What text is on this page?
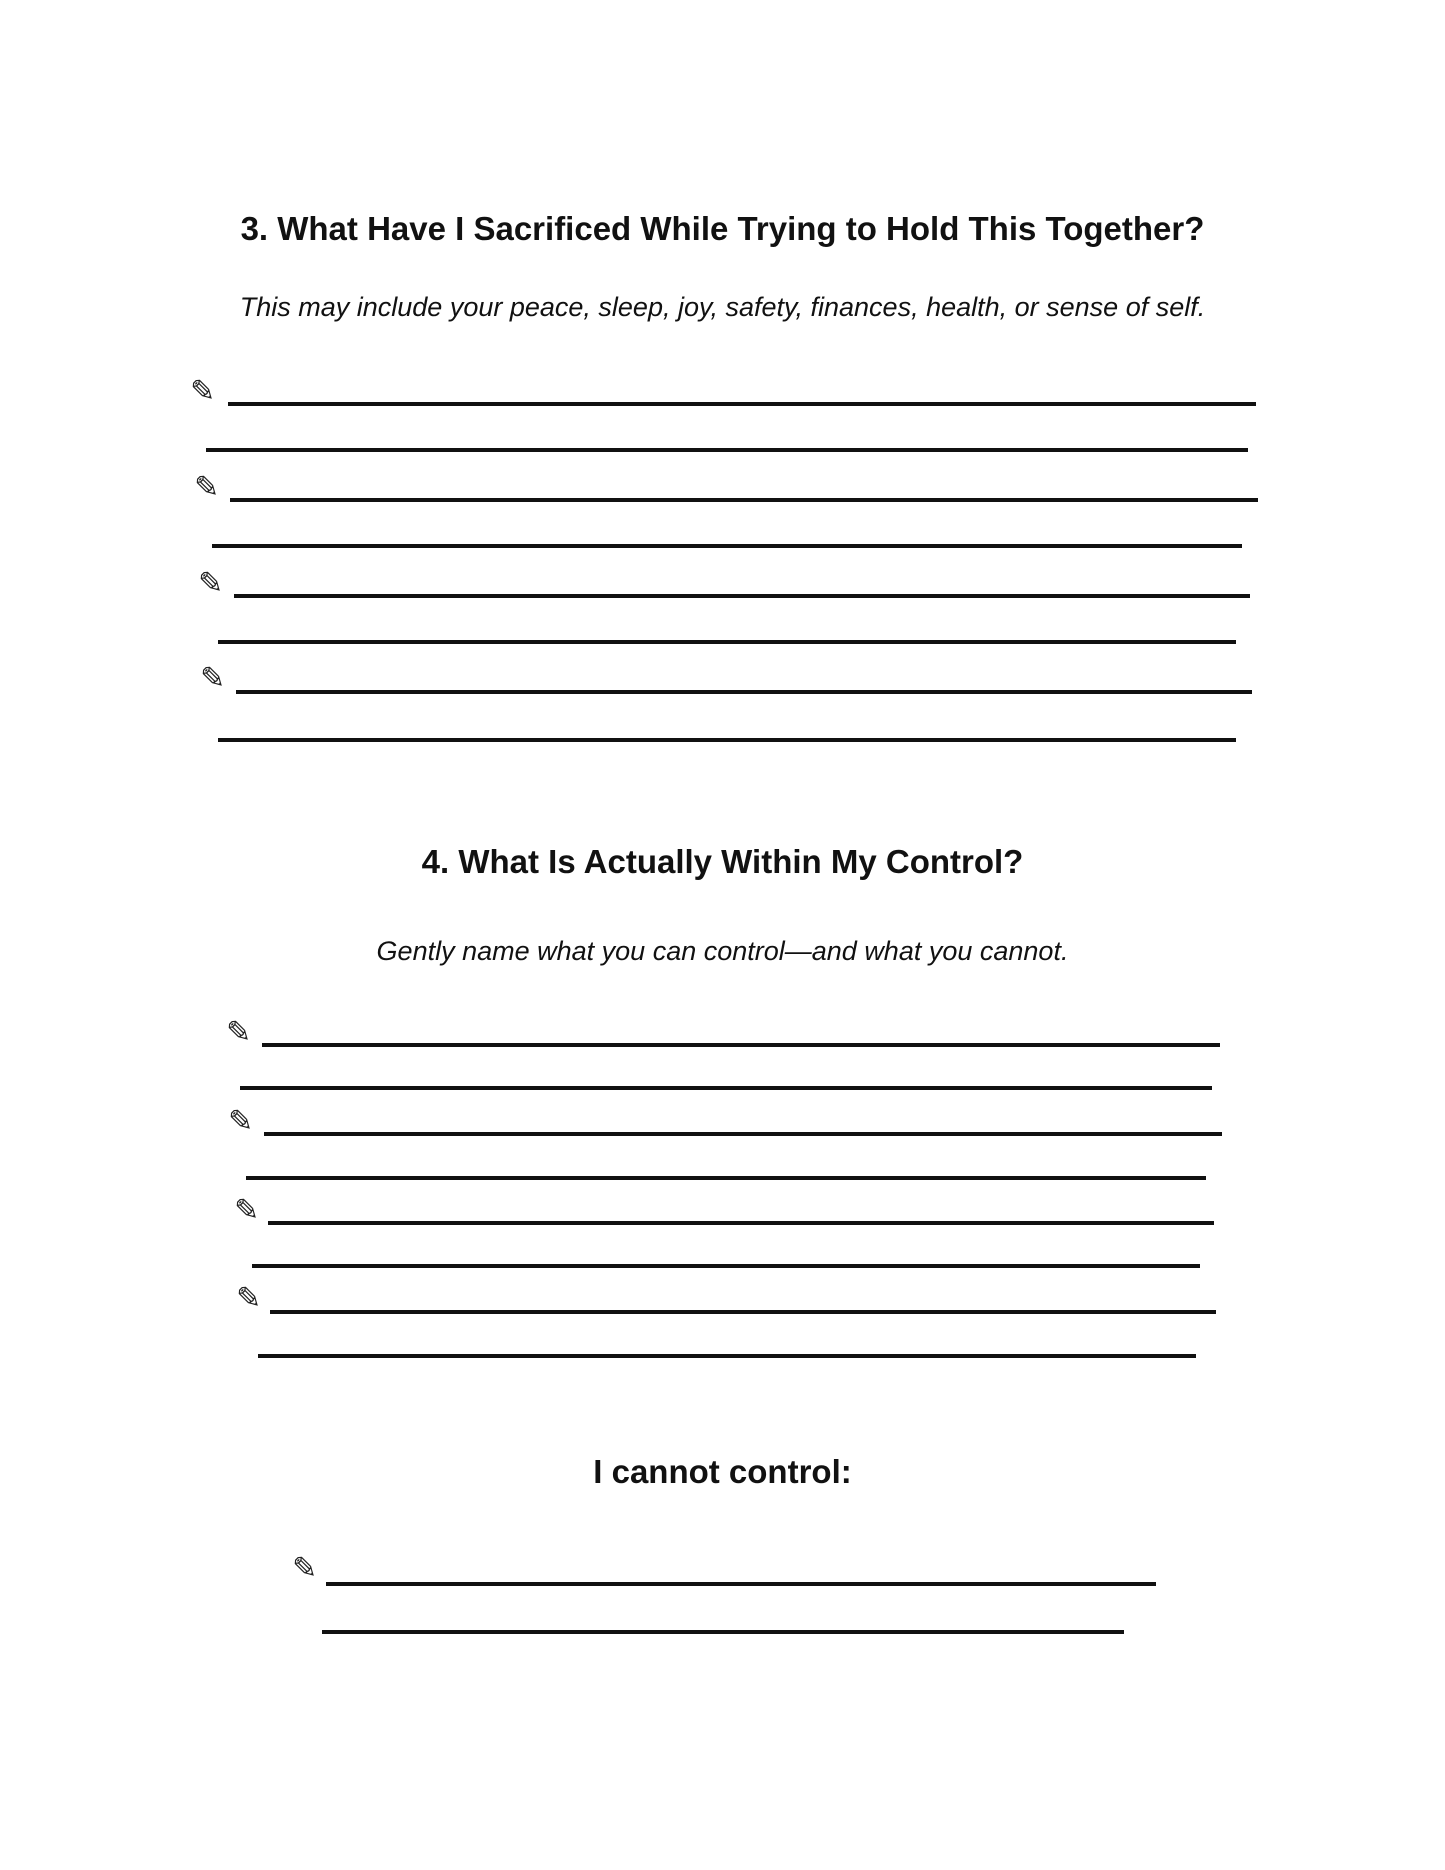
3. What Have I Sacrificed While Trying to Hold This Together?

This may include your peace, sleep, joy, safety, finances, health, or sense of self.

✎
✎
✎
✎
4. What Is Actually Within My Control?

Gently name what you can control—and what you cannot.

✎
✎
✎
✎
I cannot control:
✎
